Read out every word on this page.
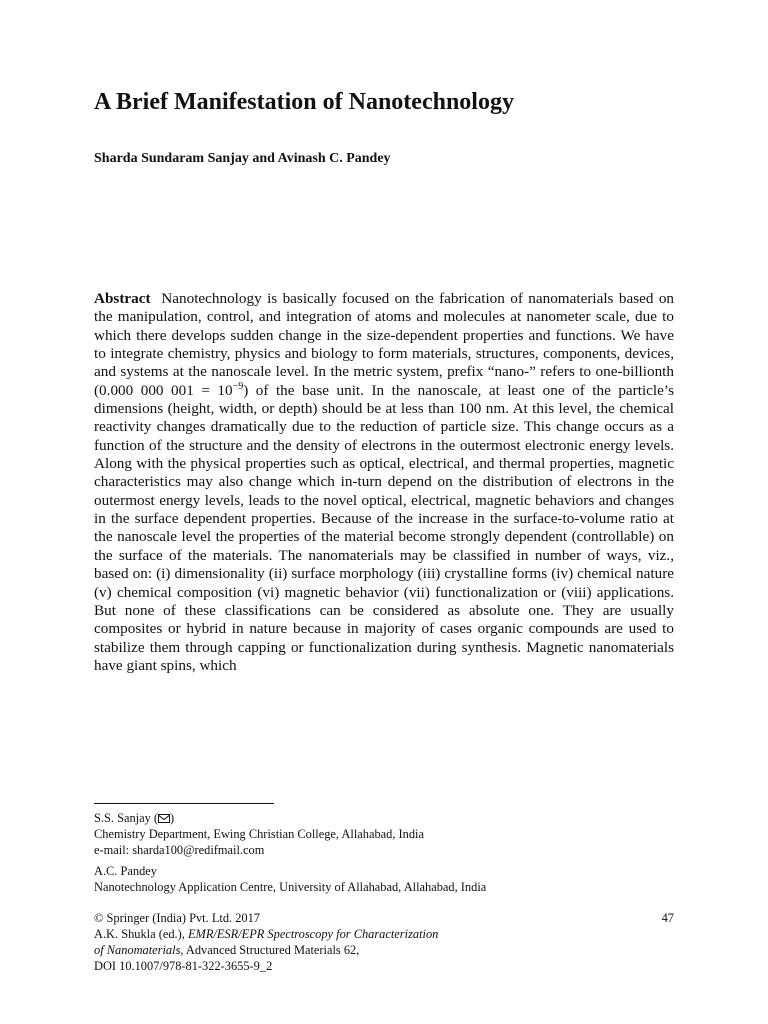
A Brief Manifestation of Nanotechnology
Sharda Sundaram Sanjay and Avinash C. Pandey

Abstract Nanotechnology is basically focused on the fabrication of nanomaterials based on the manipulation, control, and integration of atoms and molecules at nanometer scale, due to which there develops sudden change in the size-dependent properties and functions. We have to integrate chemistry, physics and biology to form materials, structures, components, devices, and systems at the nanoscale level. In the metric system, prefix “nano-” refers to one-billionth (0.000 000 $001 = 10^{-9}$) of the base unit. In the nanoscale, at least one of the particle’s dimensions (height, width, or depth) should be at less than 100 nm. At this level, the chemical reactivity changes dramatically due to the reduction of particle size. This change occurs as a function of the structure and the density of electrons in the outermost electronic energy levels. Along with the physical properties such as optical, electrical, and thermal properties, magnetic characteristics may also change which in-turn depend on the distribution of electrons in the outermost energy levels, leads to the novel optical, electrical, magnetic behaviors and changes in the surface dependent properties. Because of the increase in the surface-to-volume ratio at the nanoscale level the properties of the material become strongly dependent (controllable) on the surface of the materials. The nanomaterials may be classified in number of ways, viz., based on: (i) dimensionality (ii) surface morphology (iii) crystalline forms (iv) chemical nature (v) chemical composition (vi) magnetic behavior (vii) functionalization or (viii) applications. But none of these classifications can be considered as absolute one. They are usually composites or hybrid in nature because in majority of cases organic compounds are used to stabilize them through capping or functionalization during synthesis. Magnetic nanomaterials have giant spins, which

S.S. Sanjay ( )
Chemistry Department, Ewing Christian College, Allahabad, India
e-mail: sharda100@redifmail.com
A.C. Pandey
Nanotechnology Application Centre, University of Allahabad, Allahabad, India
© Springer (India) Pvt. Ltd. 2017
A.K. Shukla (ed.), EMR/ESR/EPR Spectroscopy for Characterization
of Nanomaterials, Advanced Structured Materials 62,
DOI 10.1007/978-81-322-3655-9_2
47
